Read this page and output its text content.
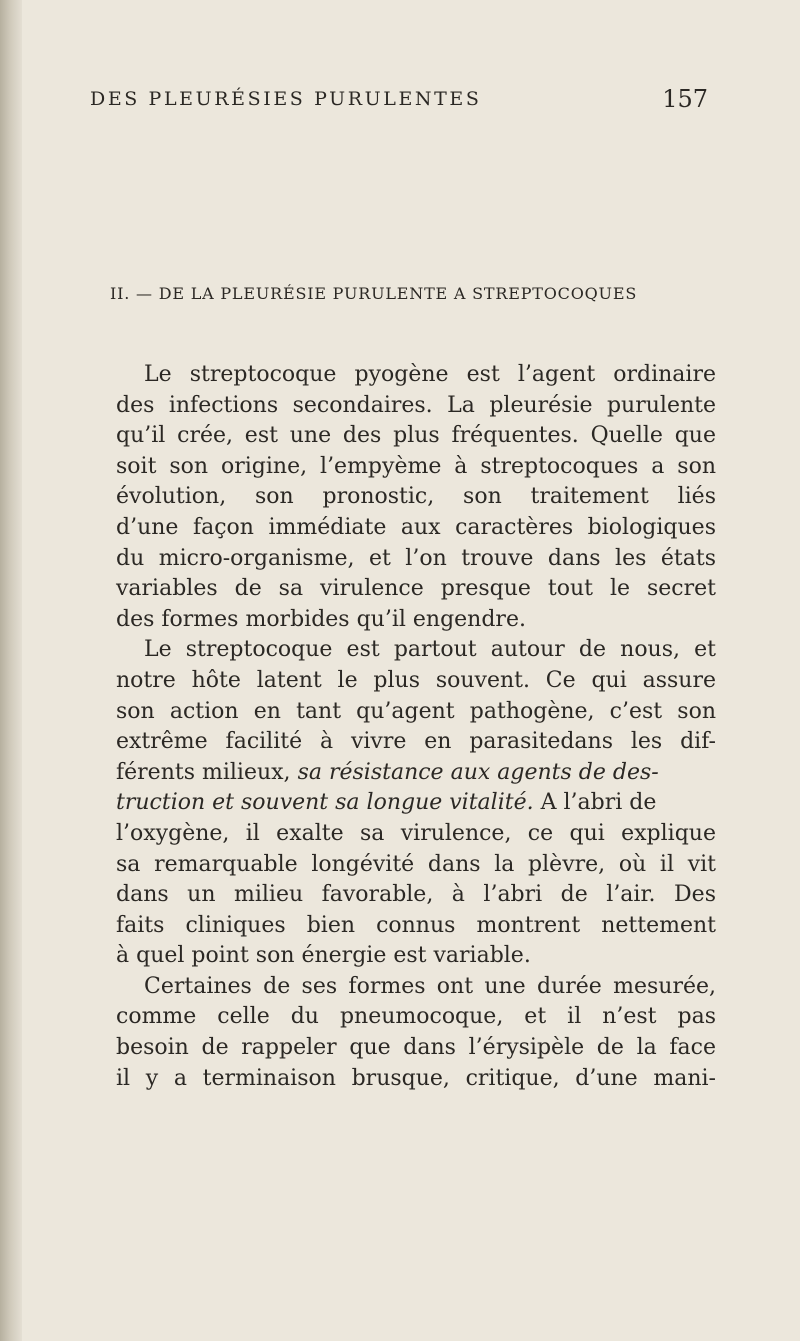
DES PLEURÉSIES PURULENTES	157
II. — DE LA PLEURÉSIE PURULENTE A STREPTOCOQUES
Le streptocoque pyogène est l’agent ordinaire
des infections secondaires. La pleurésie purulente
qu’il crée, est une des plus fréquentes. Quelle que
soit son origine, l’empyème à streptocoques a son
évolution, son pronostic, son traitement liés
d’une façon immédiate aux caractères biologiques
du micro-organisme, et l’on trouve dans les états
variables de sa virulence presque tout le secret
des formes morbides qu’il engendre.
Le streptocoque est partout autour de nous, et
notre hôte latent le plus souvent. Ce qui assure
son action en tant qu’agent pathogène, c’est son
extrême facilité à vivre en parasitedans les dif-
férents milieux, sa résistance aux agents de des-
truction et souvent sa longue vitalité. A l’abri de
l’oxygène, il exalte sa virulence, ce qui explique
sa remarquable longévité dans la plèvre, où il vit
dans un milieu favorable, à l’abri de l’air. Des
faits cliniques bien connus montrent nettement
à quel point son énergie est variable.
Certaines de ses formes ont une durée mesurée,
comme celle du pneumocoque, et il n’est pas
besoin de rappeler que dans l’érysipèle de la face
il y a terminaison brusque, critique, d’une mani-
